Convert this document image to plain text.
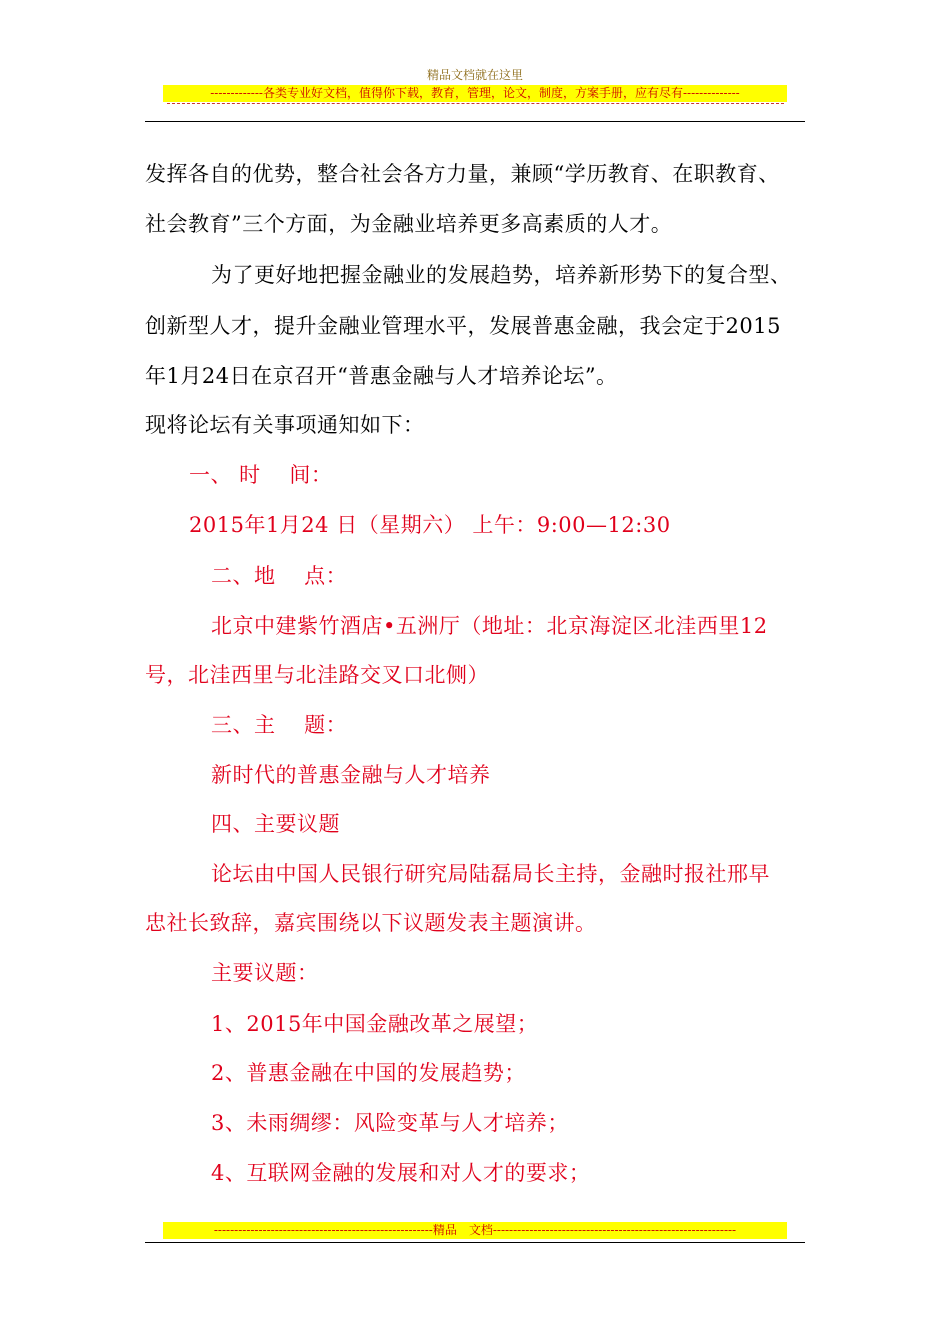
精品文档就在这里
-------------各类专业好文档，值得你下载，教育，管理，论文，制度，方案手册，应有尽有--------------
发挥各自的优势，整合社会各方力量，兼顾“学历教育、在职教育、
社会教育”三个方面，为金融业培养更多高素质的人才。
为了更好地把握金融业的发展趋势，培养新形势下的复合型、
创新型人才，提升金融业管理水平，发展普惠金融，我会定于2015
年1月24日在京召开“普惠金融与人才培养论坛”。
现将论坛有关事项通知如下：
一、 时　 间：
2015年1月24 日（星期六） 上午：9:00—12:30
二、地　 点：
北京中建紫竹酒店•五洲厅（地址：北京海淀区北洼西里12
号，北洼西里与北洼路交叉口北侧）
三、主　 题：
新时代的普惠金融与人才培养
四、主要议题
论坛由中国人民银行研究局陆磊局长主持，金融时报社邢早
忠社长致辞，嘉宾围绕以下议题发表主题演讲。
主要议题：
1、2015年中国金融改革之展望；
2、普惠金融在中国的发展趋势；
3、未雨绸缪：风险变革与人才培养；
4、互联网金融的发展和对人才的要求；
------------------------------------------------------精品　文档------------------------------------------------------------
